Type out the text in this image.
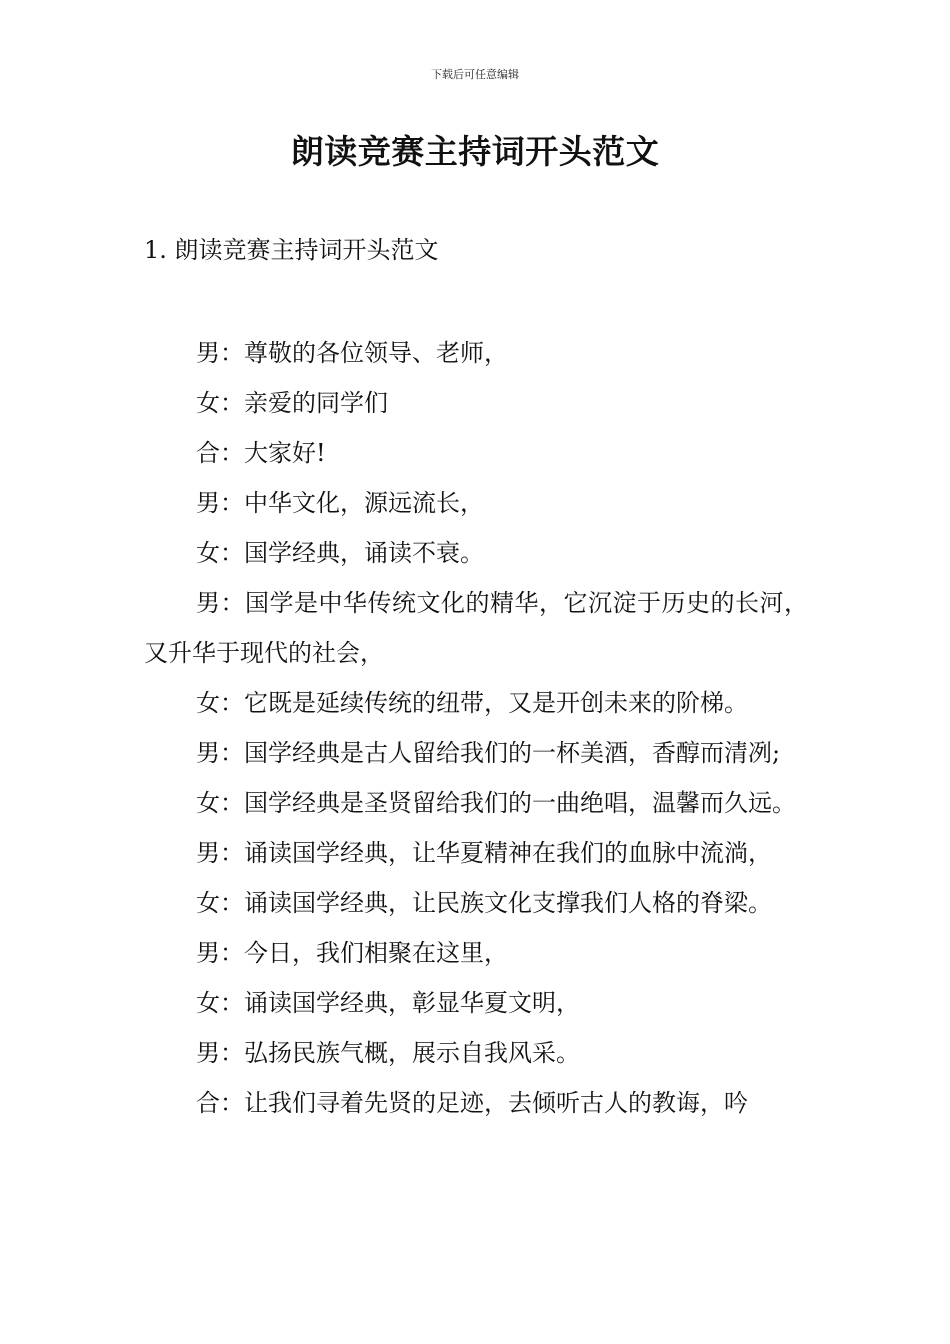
下载后可任意编辑
朗读竞赛主持词开头范文
1. 朗读竞赛主持词开头范文

男：尊敬的各位领导、老师，

女：亲爱的同学们

合：大家好!

男：中华文化，源远流长，

女：国学经典，诵读不衰。

男：国学是中华传统文化的精华，它沉淀于历史的长河，又升华于现代的社会，

女：它既是延续传统的纽带，又是开创未来的阶梯。

男：国学经典是古人留给我们的一杯美酒，香醇而清冽;

女：国学经典是圣贤留给我们的一曲绝唱，温馨而久远。

男：诵读国学经典，让华夏精神在我们的血脉中流淌，

女：诵读国学经典，让民族文化支撑我们人格的脊梁。

男：今日，我们相聚在这里，

女：诵读国学经典，彰显华夏文明，

男：弘扬民族气概，展示自我风采。

合：让我们寻着先贤的足迹，去倾听古人的教诲，吟
